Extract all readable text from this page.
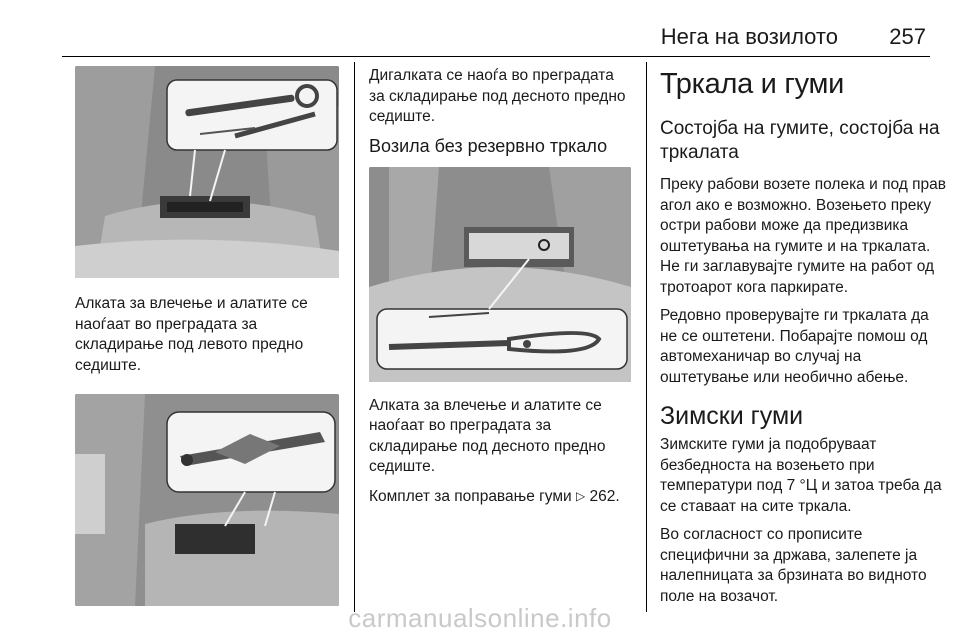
Нега на возилото 257

Алката за влечење и алатите се наоѓаат во преградата за складирање под левото предно седиште.

Дигалката се наоѓа во преградата за складирање под десното предно седиште.

Возила без резервно тркало

Алката за влечење и алатите се наоѓаат во преградата за складирање под десното предно седиште.

Комплет за поправање гуми ▷ 262.

Тркала и гуми
Состојба на гумите, состојба на тркалата

Преку рабови возете полека и под прав агол ако е возможно. Возењето преку остри рабови може да предизвика оштетувања на гумите и на тркалата. Не ги заглавувајте гумите на работ од тротоарот кога паркирате.

Редовно проверувајте ги тркалата да не се оштетени. Побарајте помош од автомеханичар во случај на оштетување или необично абење.

Зимски гуми

Зимските гуми ја подобруваат безбедноста на возењето при температури под 7 °Ц и затоа треба да се ставаат на сите тркала.

Во согласност со прописите специфични за држава, залепете ја налепницата за брзината во видното поле на возачот.

carmanualsonline.info
